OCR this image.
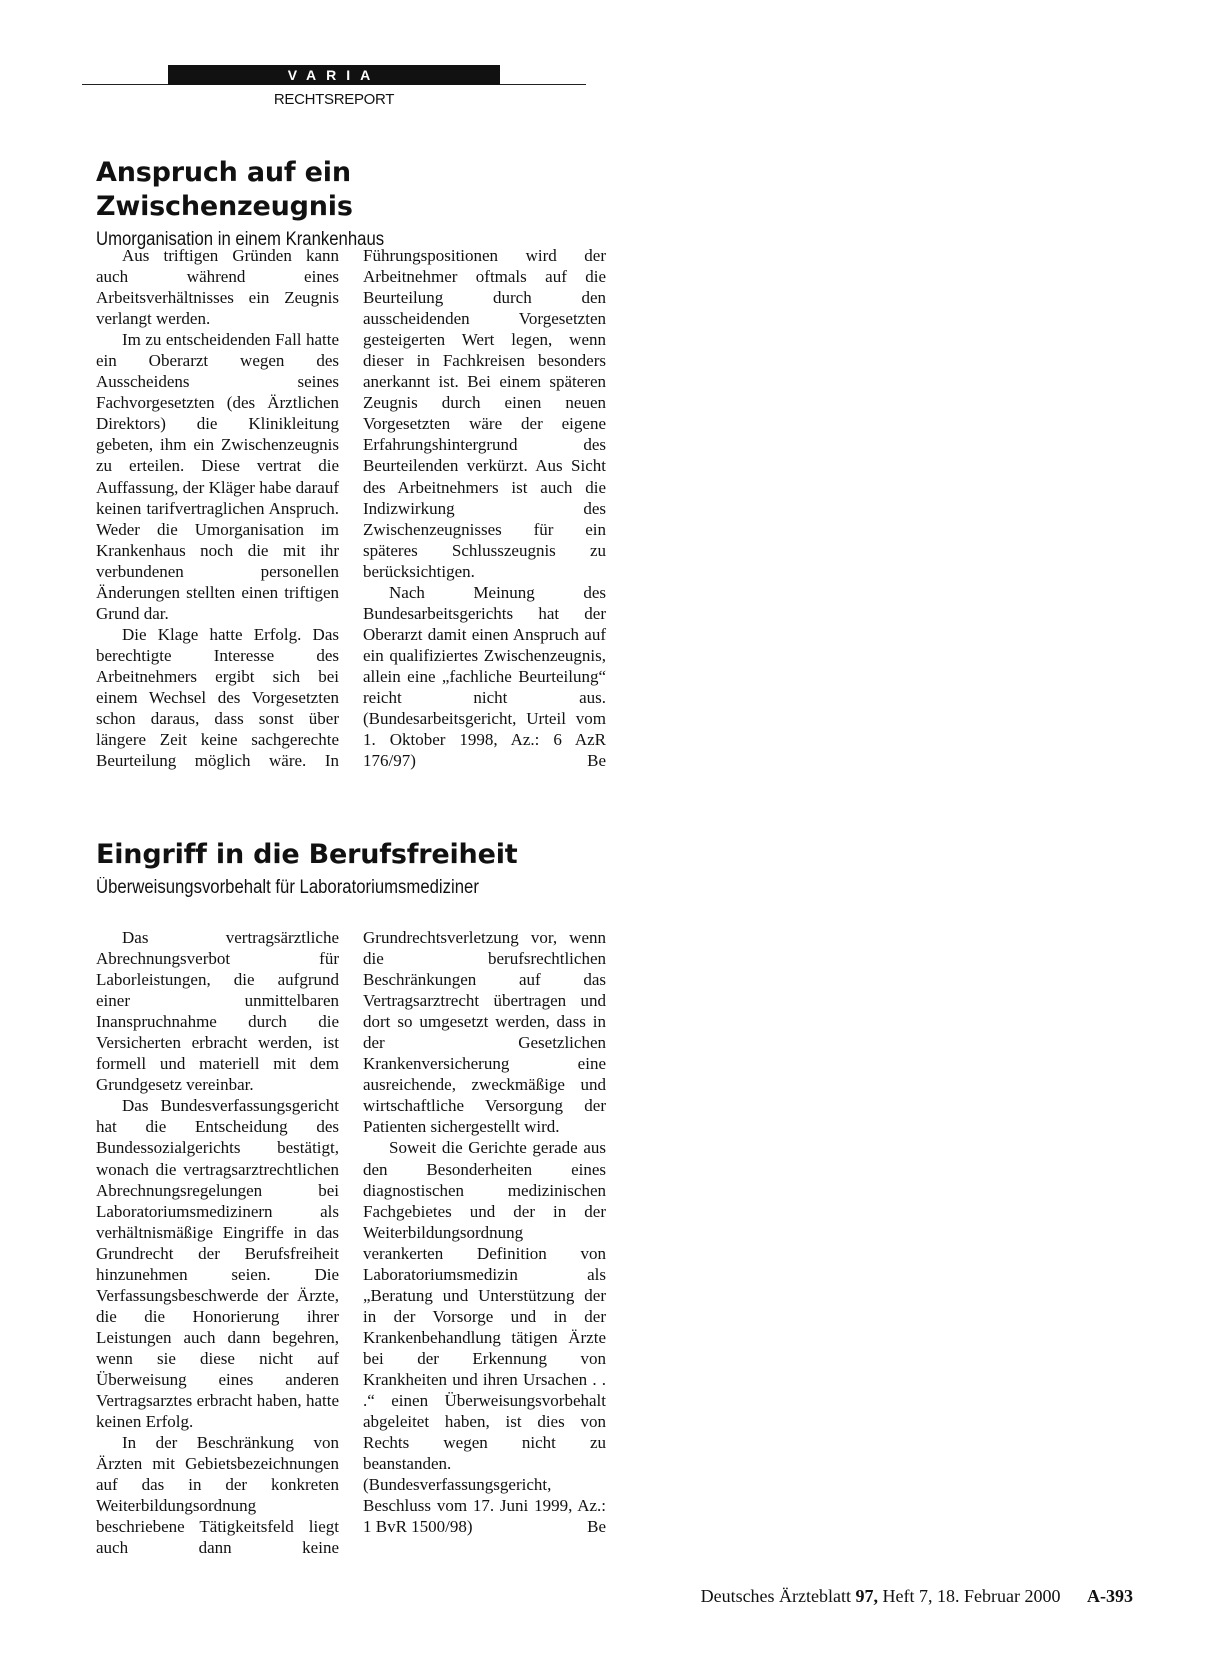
VARIA
RECHTSREPORT
Anspruch auf ein Zwischenzeugnis
Umorganisation in einem Krankenhaus

Aus triftigen Gründen kann auch während eines Arbeitsverhältnisses ein Zeugnis verlangt werden.

Im zu entscheidenden Fall hatte ein Oberarzt wegen des Ausscheidens seines Fachvorgesetzten (des Ärztlichen Direktors) die Klinikleitung gebeten, ihm ein Zwischenzeugnis zu erteilen. Diese vertrat die Auffassung, der Kläger habe darauf keinen tarifvertraglichen Anspruch. Weder die Umorganisation im Krankenhaus noch die mit ihr verbundenen personellen Änderungen stellten einen triftigen Grund dar.

Die Klage hatte Erfolg. Das berechtigte Interesse des Arbeitnehmers ergibt sich bei einem Wechsel des Vorgesetzten schon daraus, dass sonst über längere Zeit keine sachgerechte Beurteilung möglich wäre. In Führungspositionen wird der Arbeitnehmer oftmals auf die Beurteilung durch den ausscheidenden Vorgesetzten gesteigerten Wert legen, wenn dieser in Fachkreisen besonders anerkannt ist. Bei einem späteren Zeugnis durch einen neuen Vorgesetzten wäre der eigene Erfahrungshintergrund des Beurteilenden verkürzt. Aus Sicht des Arbeitnehmers ist auch die Indizwirkung des Zwischenzeugnisses für ein späteres Schlusszeugnis zu berücksichtigen.

Nach Meinung des Bundesarbeitsgerichts hat der Oberarzt damit einen Anspruch auf ein qualifiziertes Zwischenzeugnis, allein eine „fachliche Beurteilung“ reicht nicht aus. (Bundesarbeitsgericht, Urteil vom 1. Oktober 1998, Az.: 6 AzR 176/97)	Be

Eingriff in die Berufsfreiheit
Überweisungsvorbehalt für Laboratoriumsmediziner

Das vertragsärztliche Abrechnungsverbot für Laborleistungen, die aufgrund einer unmittelbaren Inanspruchnahme durch die Versicherten erbracht werden, ist formell und materiell mit dem Grundgesetz vereinbar.

Das Bundesverfassungsgericht hat die Entscheidung des Bundessozialgerichts bestätigt, wonach die vertragsarztrechtlichen Abrechnungsregelungen bei Laboratoriumsmedizinern als verhältnismäßige Eingriffe in das Grundrecht der Berufsfreiheit hinzunehmen seien. Die Verfassungsbeschwerde der Ärzte, die die Honorierung ihrer Leistungen auch dann begehren, wenn sie diese nicht auf Überweisung eines anderen Vertragsarztes erbracht haben, hatte keinen Erfolg.

In der Beschränkung von Ärzten mit Gebietsbezeichnungen auf das in der konkreten Weiterbildungsordnung beschriebene Tätigkeitsfeld liegt auch dann keine Grundrechtsverletzung vor, wenn die berufsrechtlichen Beschränkungen auf das Vertragsarztrecht übertragen und dort so umgesetzt werden, dass in der Gesetzlichen Krankenversicherung eine ausreichende, zweckmäßige und wirtschaftliche Versorgung der Patienten sichergestellt wird.

Soweit die Gerichte gerade aus den Besonderheiten eines diagnostischen medizinischen Fachgebietes und der in der Weiterbildungsordnung verankerten Definition von Laboratoriumsmedizin als „Beratung und Unterstützung der in der Vorsorge und in der Krankenbehandlung tätigen Ärzte bei der Erkennung von Krankheiten und ihren Ursachen . . .“ einen Überweisungsvorbehalt abgeleitet haben, ist dies von Rechts wegen nicht zu beanstanden. (Bundesverfassungsgericht, Beschluss vom 17. Juni 1999, Az.: 1 BvR 1500/98)	Be

Deutsches Ärzteblatt 97, Heft 7, 18. Februar 2000 A-393
